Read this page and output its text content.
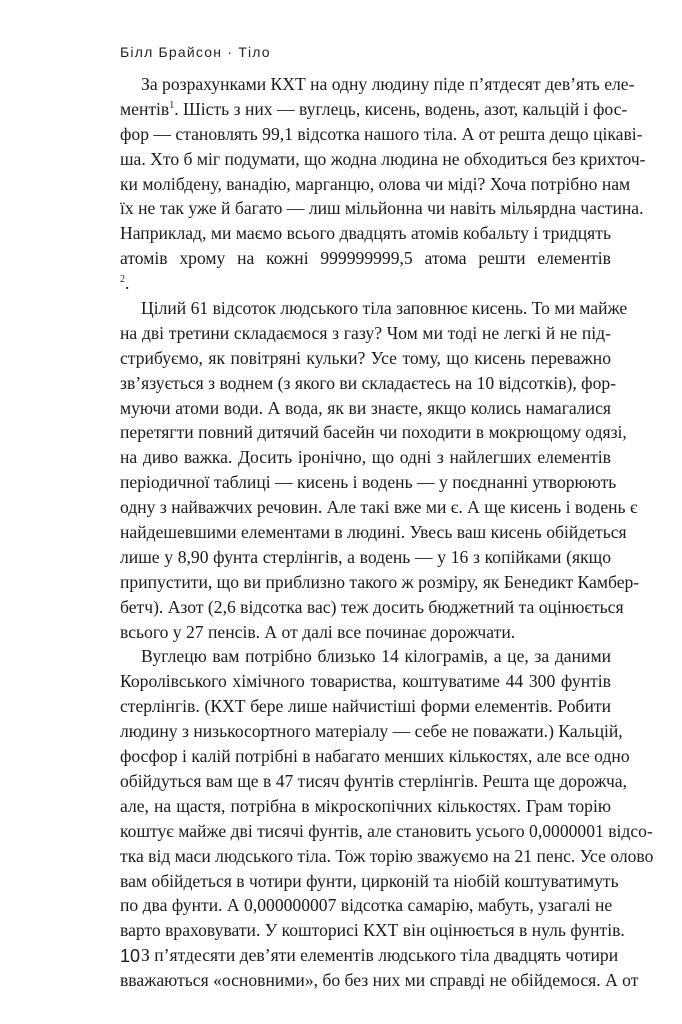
Білл Брайсон · Тіло
За розрахунками КХТ на одну людину піде п’ятдесят дев’ять еле-
ментів$^1$. Шість з них — вуглець, кисень, водень, азот, кальцій і фос-
фор — становлять 99,1 відсотка нашого тіла. А от решта дещо цікаві-
ша. Хто б міг подумати, що жодна людина не обходиться без крихточ-
ки молібдену, ванадію, марганцю, олова чи міді? Хоча потрібно нам
їх не так уже й багато — лиш мільйонна чи навіть мільярдна частина.
Наприклад, ми маємо всього двадцять атомів кобальту і тридцять
атомів хрому на кожні 999999999,5 атома решти елементів
$^2$.
Цілий 61 відсоток людського тіла заповнює кисень. То ми майже
на дві третини складаємося з газу? Чом ми тоді не легкі й не під-
стрибуємо, як повітряні кульки? Усе тому, що кисень переважно
зв’язується з воднем (з якого ви складаєтесь на 10 відсотків), фор-
муючи атоми води. А вода, як ви знаєте, якщо колись намагалися
перетягти повний дитячий басейн чи походити в мокрющому одязі,
на диво важка. Досить іронічно, що одні з найлегших елементів
періодичної таблиці — кисень і водень — у поєднанні утворюють
одну з найважчих речовин. Але такі вже ми є. А ще кисень і водень є
найдешевшими елементами в людині. Увесь ваш кисень обійдеться
лише у 8,90 фунта стерлінгів, а водень — у 16 з копійками (якщо
припустити, що ви приблизно такого ж розміру, як Бенедикт Камбер-
бетч). Азот (2,6 відсотка вас) теж досить бюджетний та оцінюється
всього у 27 пенсів. А от далі все починає дорожчати.
Вуглецю вам потрібно близько 14 кілограмів, а це, за даними
Королівського хімічного товариства, коштуватиме 44 300 фунтів
стерлінгів. (КХТ бере лише найчистіші форми елементів. Робити
людину з низькосортного матеріалу — себе не поважати.) Кальцій,
фосфор і калій потрібні в набагато менших кількостях, але все одно
обійдуться вам ще в 47 тисяч фунтів стерлінгів. Решта ще дорожча,
але, на щастя, потрібна в мікроскопічних кількостях. Грам торію
коштує майже дві тисячі фунтів, але становить усього 0,0000001 відсо-
тка від маси людського тіла. Тож торію зважуємо на 21 пенс. Усе олово
вам обійдеться в чотири фунти, цирконій та ніобій коштуватимуть
по два фунти. А 0,000000007 відсотка самарію, мабуть, узагалі не
варто враховувати. У кошторисі КХТ він оцінюється в нуль фунтів.
З п’ятдесяти дев’яти елементів людського тіла двадцять чотири
вважаються «основними», бо без них ми справді не обійдемося. А от
10
